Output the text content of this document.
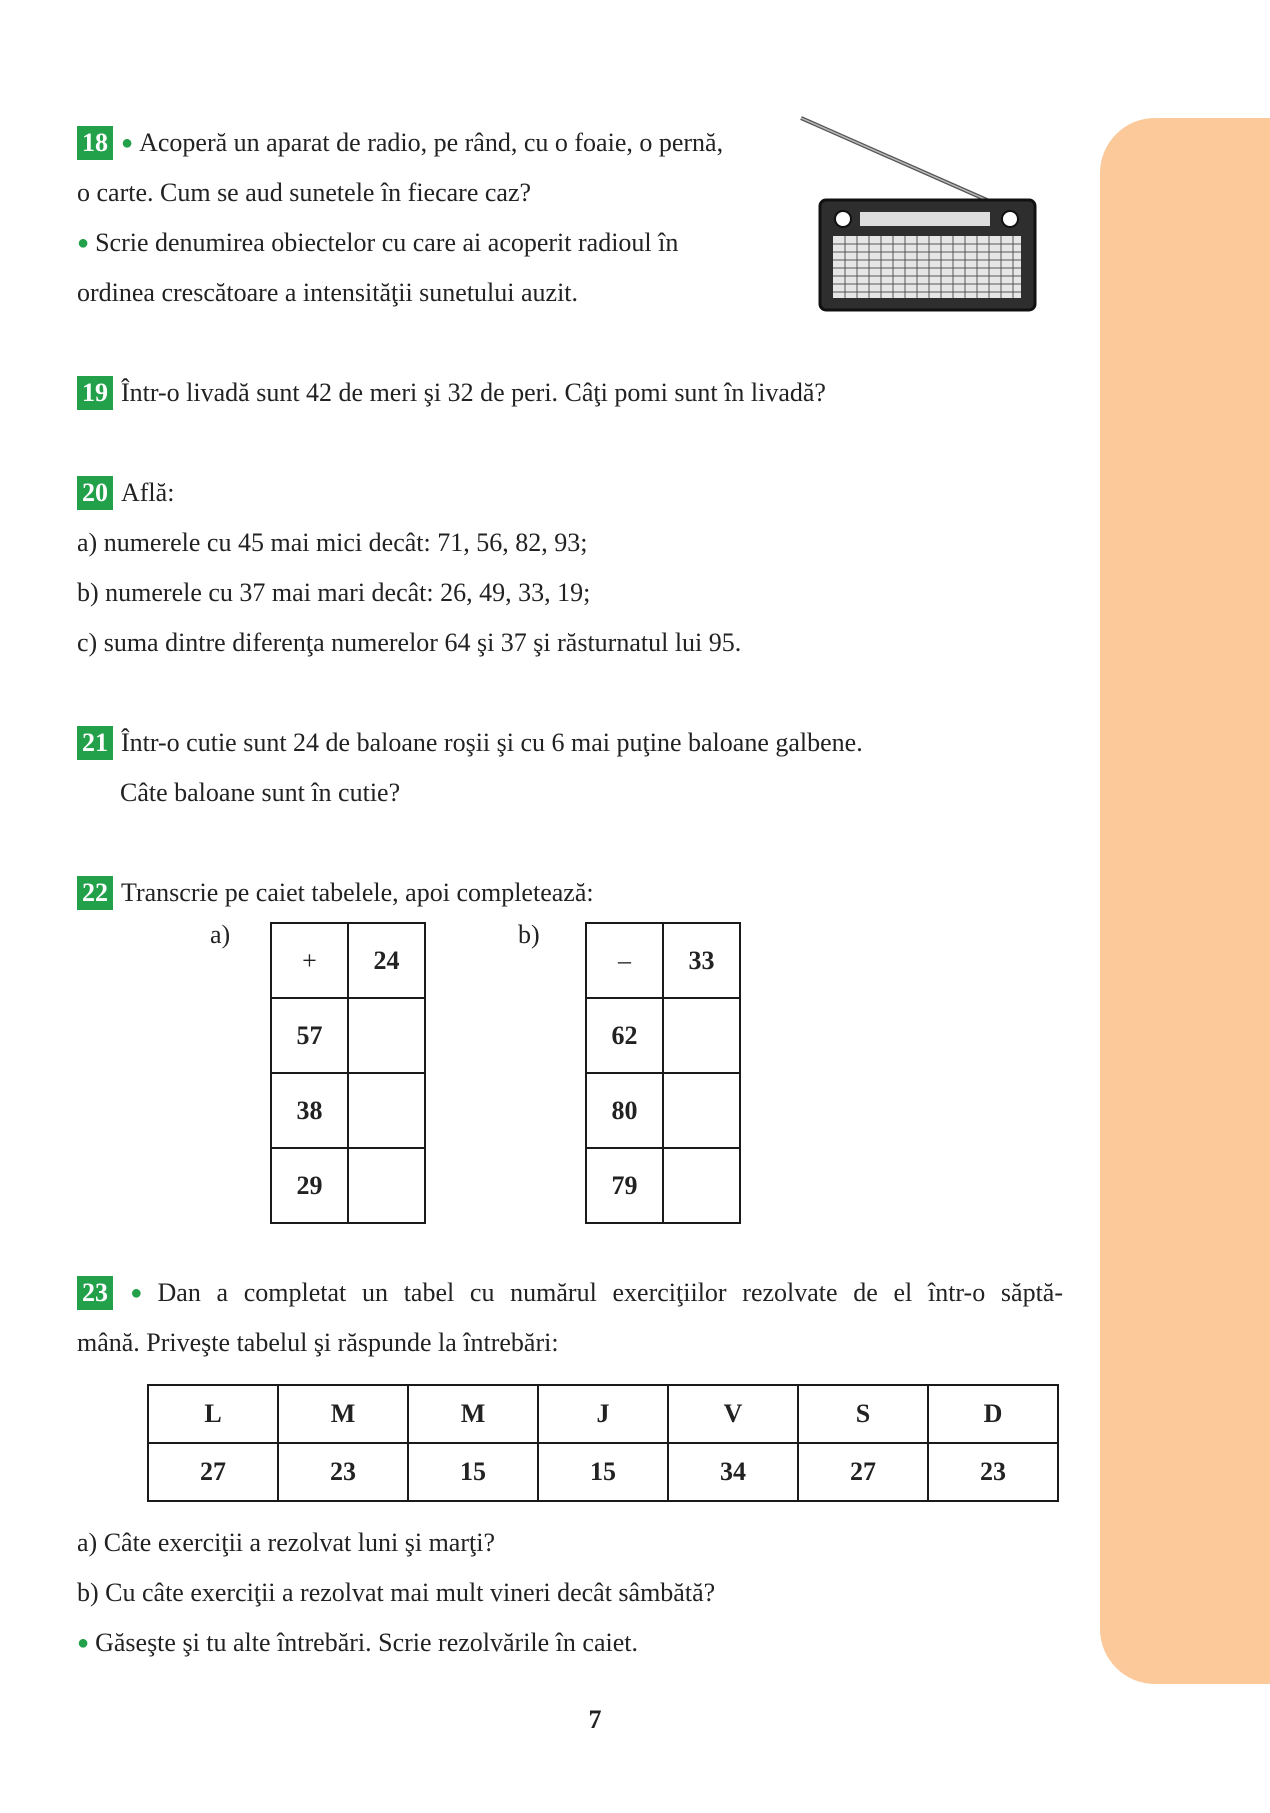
18 ● Acoperă un aparat de radio, pe rând, cu o foaie, o pernă,
o carte. Cum se aud sunetele în fiecare caz?
● Scrie denumirea obiectelor cu care ai acoperit radioul în
ordinea crescătoare a intensităţii sunetului auzit.
19 Într-o livadă sunt 42 de meri şi 32 de peri. Câţi pomi sunt în livadă?
20 Află:
a) numerele cu 45 mai mici decât: 71, 56, 82, 93;
b) numerele cu 37 mai mari decât: 26, 49, 33, 19;
c) suma dintre diferenţa numerelor 64 şi 37 şi răsturnatul lui 95.
21 Într-o cutie sunt 24 de baloane roşii şi cu 6 mai puţine baloane galbene.
Câte baloane sunt în cutie?
22 Transcrie pe caiet tabelele, apoi completează:
a)
+	24
57	
38	
29	
b)
–	33
62	
80	
79	
23 ● Dan a completat un tabel cu numărul exerciţiilor rezolvate de el într-o săptă-
mână. Priveşte tabelul şi răspunde la întrebări:
L	M	M	J	V	S	D
27	23	15	15	34	27	23
a) Câte exerciţii a rezolvat luni şi marţi?
b) Cu câte exerciţii a rezolvat mai mult vineri decât sâmbătă?
● Găseşte şi tu alte întrebări. Scrie rezolvările în caiet.
7
